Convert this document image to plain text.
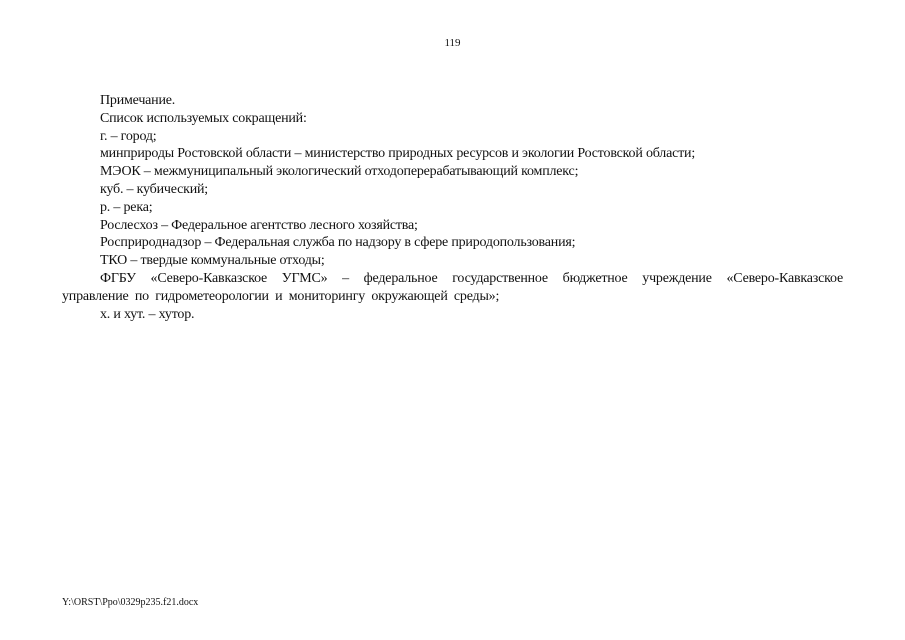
119

Примечание.

Список используемых сокращений:

г. – город;

минприроды Ростовской области – министерство природных ресурсов и экологии Ростовской области;

МЭОК – межмуниципальный экологический отходоперерабатывающий комплекс;

куб. – кубический;

р. – река;

Рослесхоз – Федеральное агентство лесного хозяйства;

Росприроднадзор – Федеральная служба по надзору в сфере природопользования;

ТКО – твердые коммунальные отходы;

ФГБУ «Северо-Кавказское УГМС» – федеральное государственное бюджетное учреждение «Северо-Кавказское управление по гидрометеорологии и мониторингу окружающей среды»;

х. и хут. – хутор.

Y:\ORST\Ppo\0329p235.f21.docx
